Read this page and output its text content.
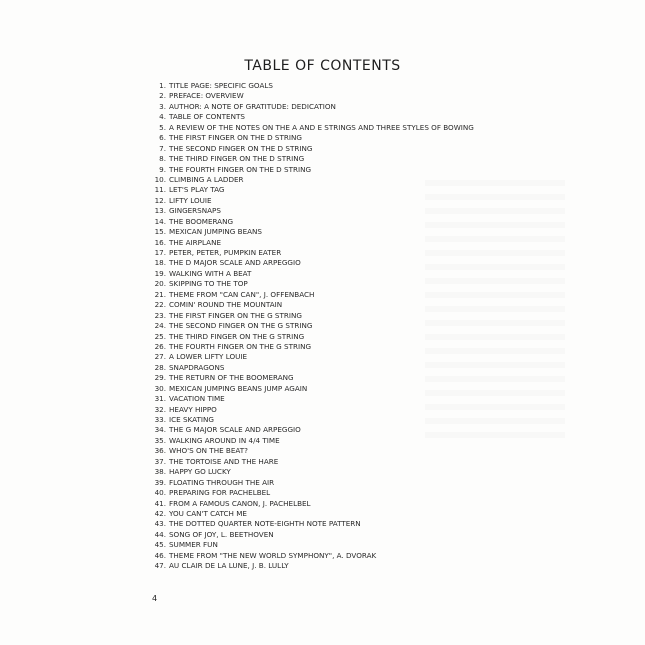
TABLE OF CONTENTS
1. TITLE PAGE: SPECIFIC GOALS
2. PREFACE: OVERVIEW
3. AUTHOR: A NOTE OF GRATITUDE: DEDICATION
4. TABLE OF CONTENTS
5. A REVIEW OF THE NOTES ON THE A AND E STRINGS AND THREE STYLES OF BOWING
6. THE FIRST FINGER ON THE D STRING
7. THE SECOND FINGER ON THE D STRING
8. THE THIRD FINGER ON THE D STRING
9. THE FOURTH FINGER ON THE D STRING
10. CLIMBING A LADDER
11. LET'S PLAY TAG
12. LIFTY LOUIE
13. GINGERSNAPS
14. THE BOOMERANG
15. MEXICAN JUMPING BEANS
16. THE AIRPLANE
17. PETER, PETER, PUMPKIN EATER
18. THE D MAJOR SCALE AND ARPEGGIO
19. WALKING WITH A BEAT
20. SKIPPING TO THE TOP
21. THEME FROM "CAN CAN", J. OFFENBACH
22. COMIN' ROUND THE MOUNTAIN
23. THE FIRST FINGER ON THE G STRING
24. THE SECOND FINGER ON THE G STRING
25. THE THIRD FINGER ON THE G STRING
26. THE FOURTH FINGER ON THE G STRING
27. A LOWER LIFTY LOUIE
28. SNAPDRAGONS
29. THE RETURN OF THE BOOMERANG
30. MEXICAN JUMPING BEANS JUMP AGAIN
31. VACATION TIME
32. HEAVY HIPPO
33. ICE SKATING
34. THE G MAJOR SCALE AND ARPEGGIO
35. WALKING AROUND IN 4/4 TIME
36. WHO'S ON THE BEAT?
37. THE TORTOISE AND THE HARE
38. HAPPY GO LUCKY
39. FLOATING THROUGH THE AIR
40. PREPARING FOR PACHELBEL
41. FROM A FAMOUS CANON, J. PACHELBEL
42. YOU CAN'T CATCH ME
43. THE DOTTED QUARTER NOTE-EIGHTH NOTE PATTERN
44. SONG OF JOY, L. BEETHOVEN
45. SUMMER FUN
46. THEME FROM "THE NEW WORLD SYMPHONY", A. DVORAK
47. AU CLAIR DE LA LUNE, J. B. LULLY
4
